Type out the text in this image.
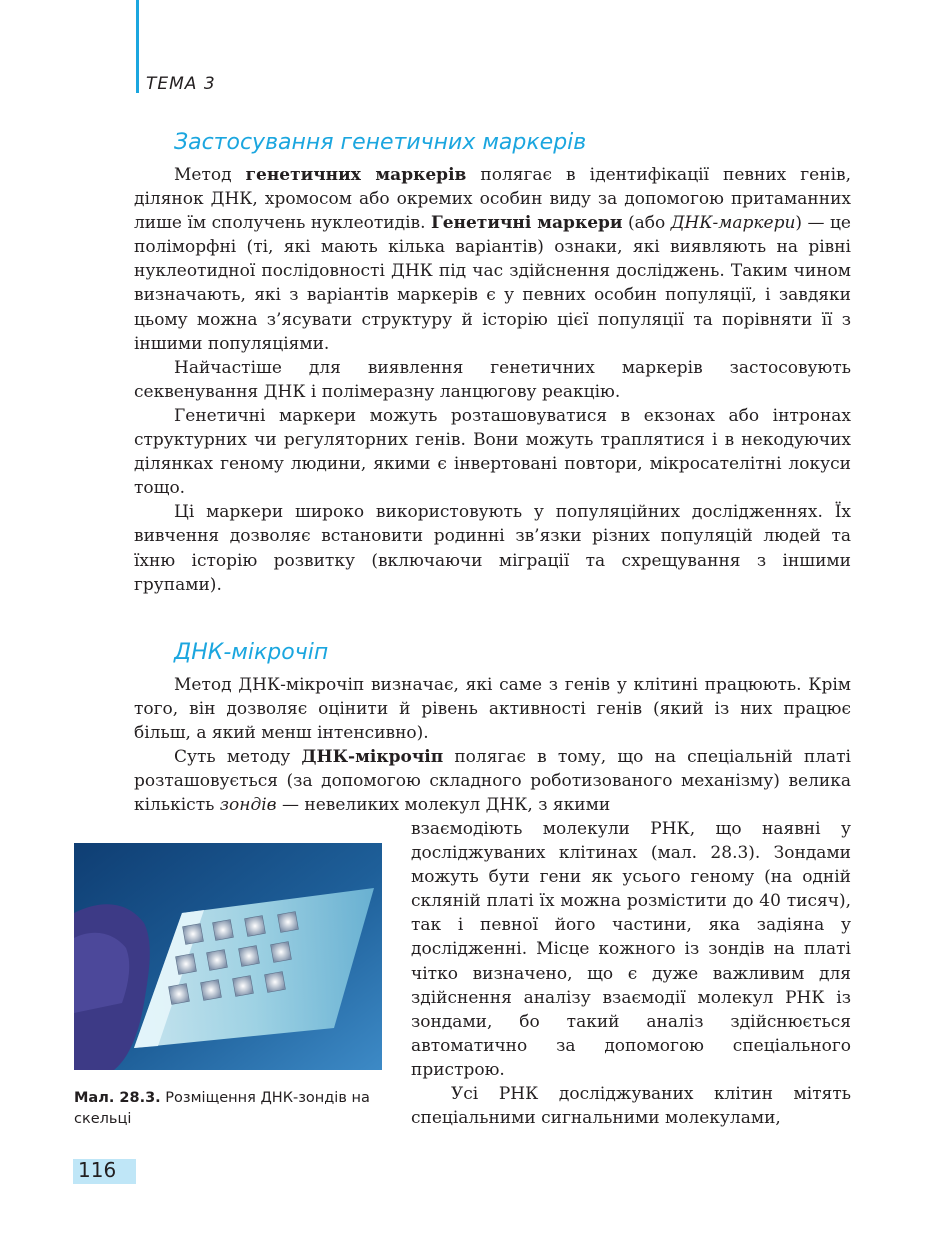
ТЕМА 3
Застосування генетичних маркерів

Метод генетичних маркерів полягає в ідентифікації певних генів, ділянок ДНК, хромосом або окремих особин виду за допомогою притаманних лише їм сполучень нуклеотидів. Генетичні маркери (або ДНК-маркери) — це поліморфні (ті, які мають кілька варіантів) ознаки, які виявляють на рівні нуклеотидної послідовності ДНК під час здійснення досліджень. Таким чином визначають, які з варіантів маркерів є у певних особин популяції, і завдяки цьому можна з’ясувати структуру й історію цієї популяції та порівняти її з іншими популяціями.

Найчастіше для виявлення генетичних маркерів застосовують секвенування ДНК і полімеразну ланцюгову реакцію.

Генетичні маркери можуть розташовуватися в екзонах або інтронах структурних чи регуляторних генів. Вони можуть траплятися і в некодуючих ділянках геному людини, якими є інвертовані повтори, мікросателітні локуси тощо.

Ці маркери широко використовують у популяційних дослідженнях. Їх вивчення дозволяє встановити родинні зв’язки різних популяцій людей та їхню історію розвитку (включаючи міграції та схрещування з іншими групами).

ДНК-мікрочіп

Метод ДНК-мікрочіп визначає, які саме з генів у клітині працюють. Крім того, він дозволяє оцінити й рівень активності генів (який із них працює більш, а який менш інтенсивно).

Суть методу ДНК-мікрочіп полягає в тому, що на спеціальній платі розташовується (за допомогою складного роботизованого механізму) велика кількість зондів — невеликих молекул ДНК, з якими

взаємодіють молекули РНК, що наявні у досліджуваних клітинах (мал. 28.3). Зондами можуть бути гени як усього геному (на одній скляній платі їх можна розмістити до 40 тисяч), так і певної його частини, яка задіяна у дослідженні. Місце кожного із зондів на платі чітко визначено, що є дуже важливим для здійснення аналізу взаємодії молекул РНК із зондами, бо такий аналіз здійснюється автоматично за допомогою спеціального пристрою.

Усі РНК досліджуваних клітин мітять спеціальними сигнальними молекулами,

Мал. 28.3. Розміщення ДНК-зондів на скельці
116
